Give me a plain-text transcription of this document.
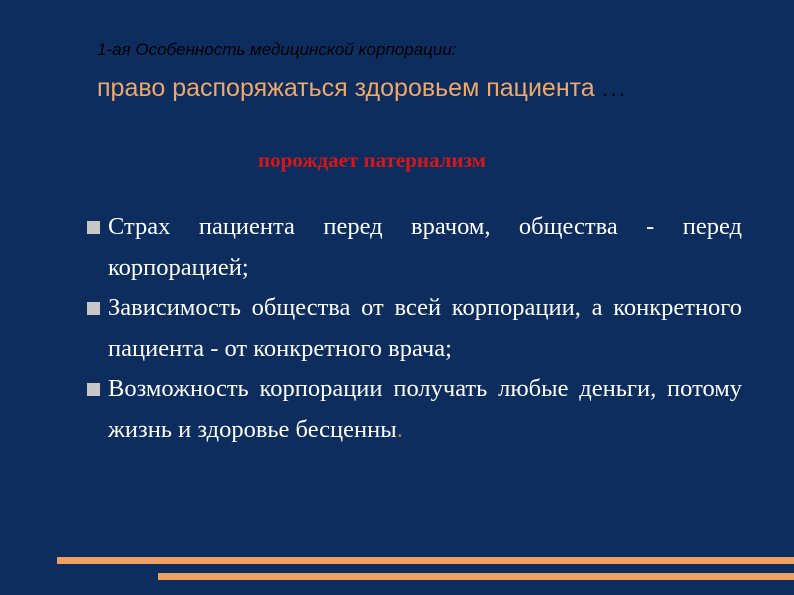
1-ая Особенность медицинской корпорации:
право распоряжаться здоровьем пациента …
порождает патернализм
Страх пациента перед врачом, общества - перед корпорацией;
Зависимость общества от всей корпорации, а конкретного пациента - от конкретного врача;
Возможность корпорации получать любые деньги, потому жизнь и здоровье бесценны.
